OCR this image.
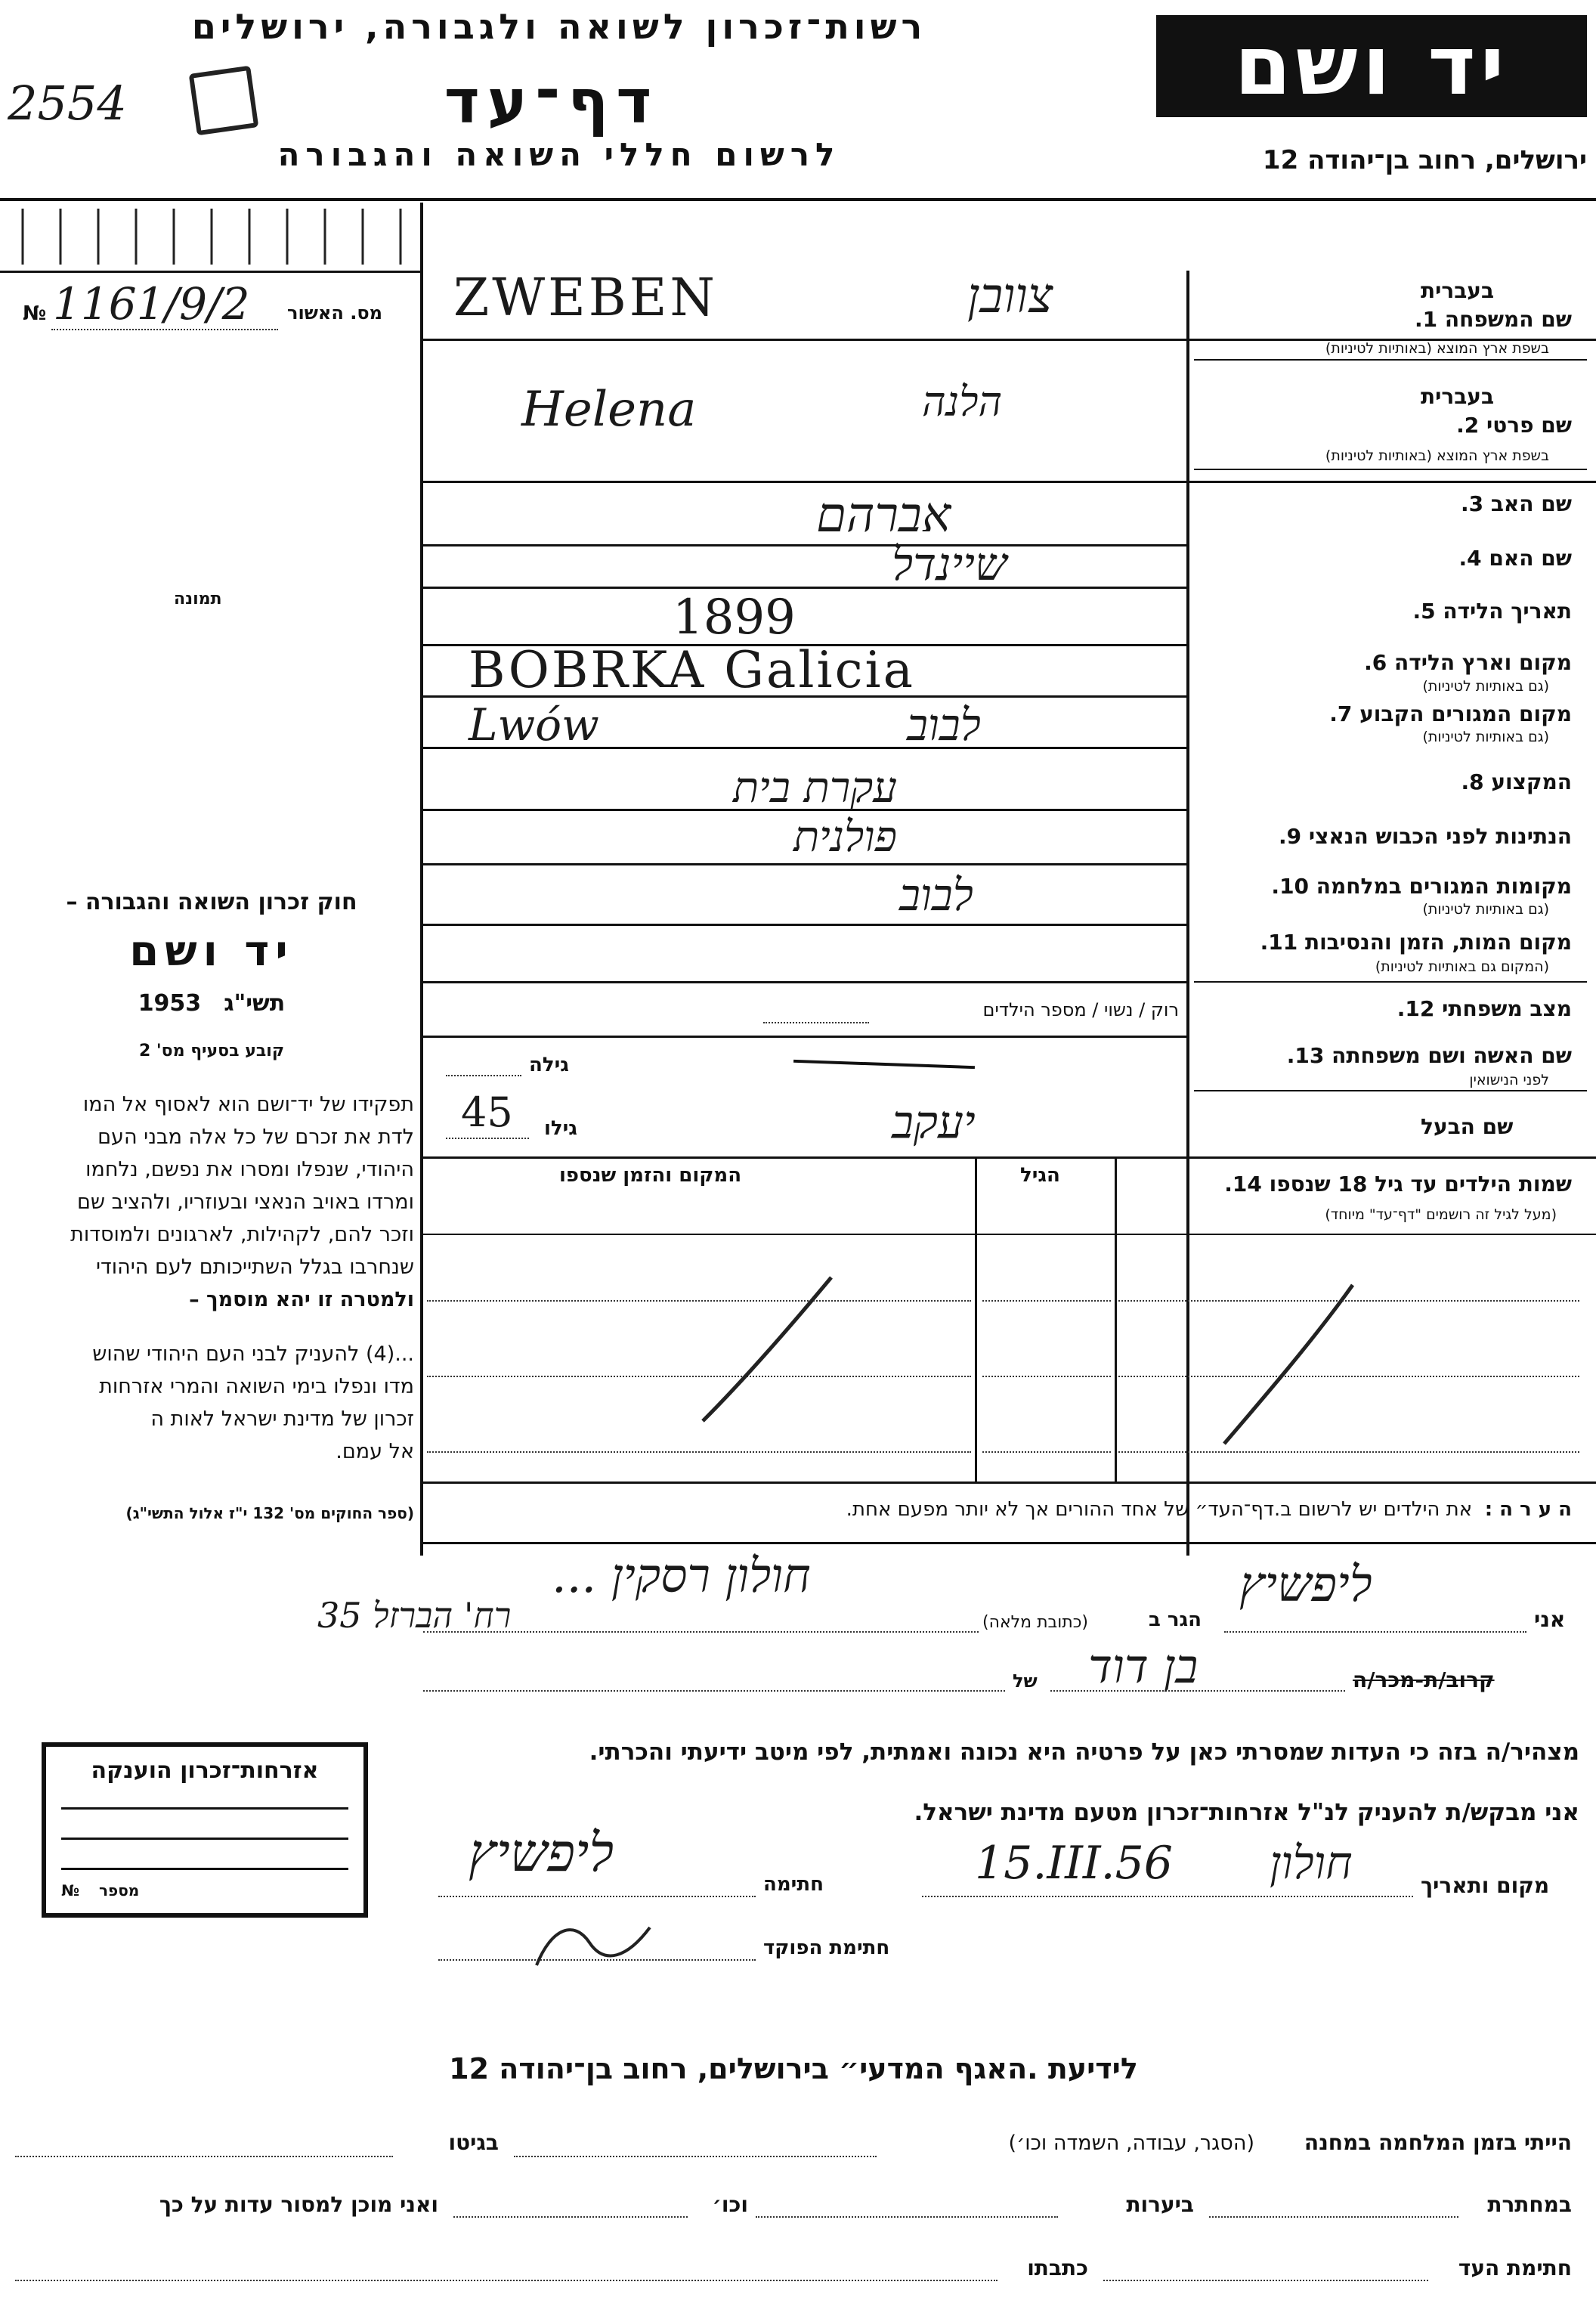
רשות־זכרון לשואה ולגבורה, ירושלים
2554	דף־עד
לרשום חללי השואה והגבורה
יד ושם
ירושלים, רחוב בן־יהודה 12
מס. האשור
№ 1161/9/2
תמונה
בעברית
שם המשפחה 1.
בשפת ארץ המוצא (באותיות לטיניות)
ZWEBEN	צוובן
בעברית
שם פרטי 2.
בשפת ארץ המוצא (באותיות לטיניות)
Helena	הלנה
שם האב 3.
אברהם
שם האם 4.
שיינדל
תאריך הלידה 5.
1899
מקום וארץ הלידה 6.
(גם באותיות לטיניות)
BOBRKA Galicia
מקום המגורים הקבוע 7.
(גם באותיות לטיניות)
Lwów	לבוב
המקצוע 8.
עקרת בית
הנתינות לפני הכבוש הנאצי 9.
פולנית
מקומות המגורים במלחמה 10.
(גם באותיות לטיניות)
לבוב
מקום המות, הזמן והנסיבות 11.
(המקום גם באותיות לטיניות)
מצב משפחתי 12.
רוק / נשוי / מספר הילדים
שם האשה ושם משפחתה 13.
לפני הנישואין
גילה
שם הבעל
יעקב
גילו
45
שמות הילדים עד גיל 18 שנספו 14.
(מעל לגיל זה רושמים "דף־עד" מיוחד)
הגיל
המקום והזמן שנספו
ה ע ר ה :  את הילדים יש לרשום ב.דף־העד״ של אחד ההורים אך לא יותר מפעם אחת.
חוק זכרון השואה והגבורה –
יד ושם
1953 תשי"ג
קובע בסעיף מס' 2
תפקידו של יד־ושם הוא לאסוף אל המו
לדת את זכרם של כל אלה מבני העם
היהודי, שנפלו ומסרו את נפשם, נלחמו
ומרדו באויב הנאצי ובעוזריו, ולהציב שם
וזכר להם, לקהילות, לארגונים ולמוסדות
שנחרבו בגלל השתייכותם לעם היהודי
ולמטרה זו יהא מוסמך –
...(4) להעניק לבני העם היהודי שהוש
מדו ונפלו בימי השואה והמרי אזרחות
זכרון של מדינת ישראל לאות ה
אל עמם.
(ספר החוקים מס' 132 י"ז אלול התשי"ג)
אני
ליפשיץ
הגר ב
(כתובת מלאה)
חולון רסקין ...
רח' הברזל 35
קרוב/ת-מכר/ה
בן דוד
של
מצהיר/ה בזה כי העדות שמסרתי כאן על פרטיה היא נכונה ואמתית, לפי מיטב ידיעתי והכרתי.
אני מבקש/ת להעניק לנ"ל אזרחות־זכרון מטעם מדינת ישראל.
מקום ותאריך
חולון
15.III.56
חתימה
ליפשיץ
חתימת הפוקד
אזרחות־זכרון הוענקה
מספר
№
לידיעת .האגף המדעי״ בירושלים, רחוב בן־יהודה 12
הייתי בזמן המלחמה במחנה
(הסגר, עבודה, השמדה וכו׳)
בגיטו
במחתרת
ביערות
וכו׳
ואני מוכן למסור עדות על כך
חתימת העד
כתבתו
